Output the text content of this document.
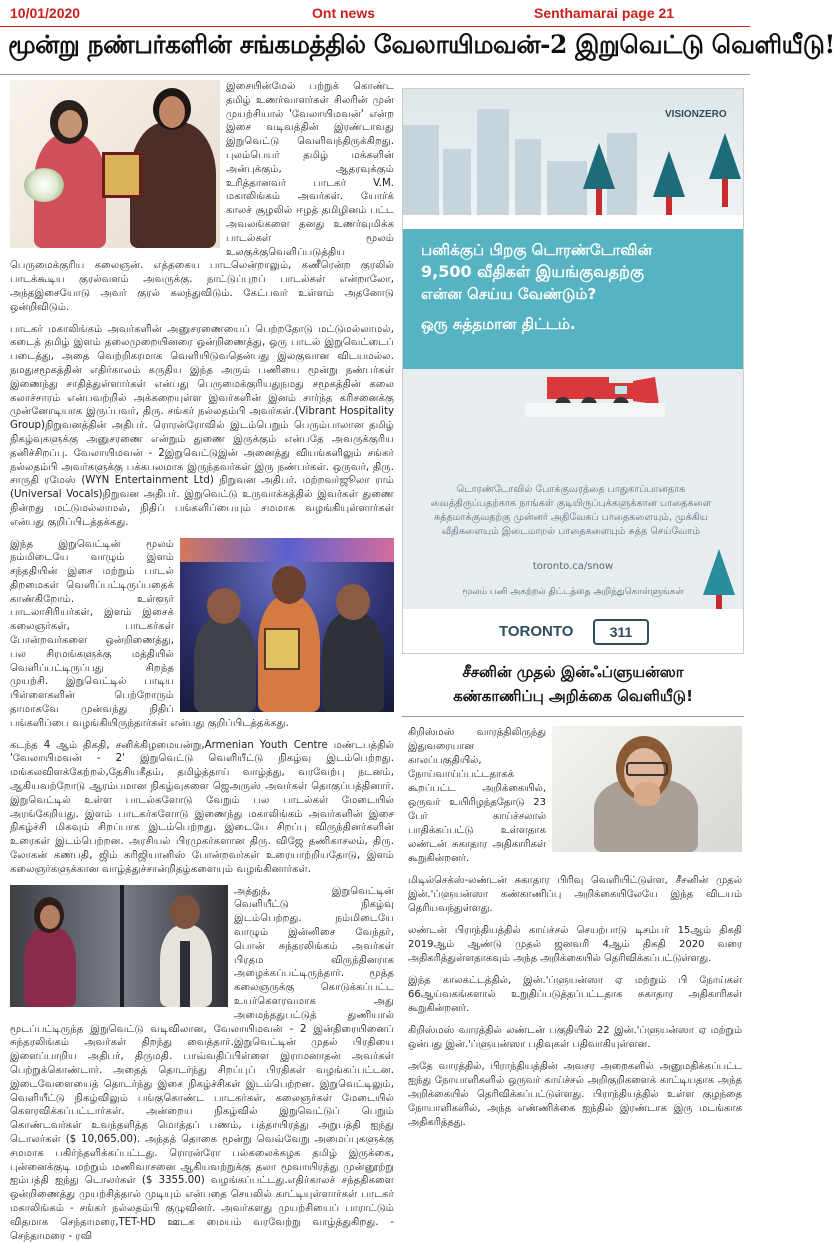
10/01/2020	Ont news	Senthamarai page 21
மூன்று நண்பர்களின் சங்கமத்தில் வேலாயிமவன்-2 இறுவெட்டு வெளியீடு!

இசையின்மேல் பற்றுக் கொண்ட தமிழ் உணர்வாளர்கள் சிலரின் முன் முயற்சியால் 'வேலாயிமவன்' என்ற இசை வடிவத்தின் இரண்டாவது இறுவெட்டு வெளிவந்திருக்கிறது. புலம்பெயர் தமிழ் மக்களின் அன்புக்கும், ஆதரவுக்கும் உரித்தானவர் பாடகர் V.M. மகாலிங்கம் அவர்கள். யோர்க் காலச் சூழலில் ஈழத் தமிழினம் பட்ட அவலங்களை தனது உணர்வுமிக்க பாடல்கள் மூலம் உலகுக்குவெளிப்படுத்திய பெருமைக்குரிய கலைஞன். எத்தகைய பாடலென்றாலும், கணீரென்ற குரலில் பாடக்கூடிய குரல்வளம் அவருக்கு. நாட்டுப்புறப் பாடல்கள் என்றாலோ, அந்தஇசையோடு அவர் குரல் கலந்துவிடும். கேட்பவர் உள்ளம் அதனோடு ஒன்றிவிடும்.

பாடகர் மகாலிங்கம் அவர்களின் அனுசரணையைப் பெற்றதோடு மட்டுமல்லாமல், கடைத் தமிழ் இளம் தலைமுறையினரை ஒன்றிணைத்து, ஒரு பாடல் இறுவெட்டைப் படைத்து, அதை வெற்றிகரமாக வெளியிடுவதென்பது இலகுவான விடயமல்ல. நமதுசமூகத்தின் எதிர்காலம் கருதிய இந்த அரும் பணியை மூன்று நண்பர்கள் இணைந்து சாதித்துள்ளார்கள் என்பது பெருமைக்குரியதுநமது சமூகத்தின் கலை கலாச்சாரம் என்பவற்றில் அக்கறையுள்ள இவர்களின் இனம் சார்ந்த கரிசனைக்கு முன்னோடியாக இருப்பவர், திரு. சங்கர் நல்லதம்பி அவர்கள்.(Vibrant Hospitality Group)நிறுவனத்தின் அதிபர். ரொரன்ரோவில் இடம்பெறும் பெரும்பாலான தமிழ் நிகழ்வுகளுக்கு அனுசரணை என்றும் துணை இருக்கும் என்பதே அவருக்குரிய தனிச்சிறப்பு. வேலாயிமவன் - 2இறுவெட்டுஇன் அனைத்து வியங்களிலும் சங்கர் நல்லதம்பி அவர்களுக்கு பக்கபலமாக இருந்தவர்கள் இரு நண்பர்கள். ஒருவர், திரு. சாருதி ரமேஸ் (WYN Entertainment Ltd) நிறுவன அதிபர். மற்றவர்ஜூலா ராம் (Universal Vocals)நிறுவன அதிபர். இறுவெட்டு உருவாக்கத்தில் இவர்கள் துணை நின்றது மட்டுமல்லாமல், நிதிப் பங்களிப்பையும் சமமாக வழங்கியுள்ளார்கள் என்பது குறிப்பிடத்தக்கது.

இந்த இறுவெட்டின் மூலம் நம்மிடையே வாழும் இளம் சந்ததியின் இசை மற்றும் பாடல் திறமைகள் வெளிப்பட்டிருப்பதைக் காண்கிறோம். உள்ளூர் பாடலாசிரியர்கள், இளம் இசைக் கலைஞர்கள், பாடகர்கள் போன்றவர்களை ஒன்றிணைத்து, பல சிரமங்களுக்கு மத்தியில் வெளிப்பட்டிருப்பது சிறந்த முயற்சி. இறுவெட்டில் பாடிய பிள்ளைகளின் பெற்றோரும் தாமாகவே முன்வந்து நிதிப் பங்களிப்பை வழங்கியிருந்தார்கள் என்பது குறிப்பிடத்தக்கது.

கடந்த 4 ஆம் திகதி, சனிக்கிழமையன்று,Armenian Youth Centre மண்டபத்தில் 'வேலாயிமவன் - 2' இறுவெட்டு வெளியீட்டு நிகழ்வு இடம்பெற்றது. மங்கலவிளக்கேற்றல்,தேசியகீதம், தமிழ்த்தாய் வாழ்த்து, வரவேற்பு நடனம், ஆகியவற்றோடு ஆரம்பமான நிகழ்வுகளை ஜெஅருஸ் அவர்கள் தொகுப்பத்தினார். இறுவெட்டில் உள்ள பாடல்களோடு வேறும் பல பாடல்கள் மேடையில் அரங்கேறியது. இளம் பாடகர்களோடு இணைந்து மகாலிங்கம் அவர்களின் இசை நிகழ்ச்சி மிகவும் சிறப்பாக இடம்பெற்றது. இடையே சிறப்பு விருந்தினர்களின் உரைகள் இடம்பெற்றன. அரசியல் பிரமுகர்களான திரு. விஜே தணிகாசலம், திரு. லோகன் கணபதி, ஜிம் கரிஜியானிஸ் போன்றவர்கள் உரையாற்றியதோடு, இளம் கலைஞர்களுக்கான வாழ்த்துச்சான்றிதழ்களையும் வழங்கினார்கள்.

அத்துத், இறுவெட்டின் வெளியீட்டு நிகழ்வு இடம்பெற்றது. நம்மிடையே வாழும் இன்னிசை வேந்தர், பொன் சுந்தரலிங்கம் அவர்கள் பிரதம விருந்தினராக அழைக்கப்பட்டிருந்தார். மூத்த கலைஞருக்கு கொடுக்கப்பட்ட உயர்கௌரவமாக அது அமைந்ததுபட்டுத் துணியால் மூடப்பட்டிருந்த இறுவெட்டு வடிவிலான, வேலாயிமவன் - 2 இன்திரையினைப் சுந்தரலிங்கம் அவர்கள் திறந்து வைத்தார்.இறுவெட்டின் முதல் பிரதியை இளைப்பாறிய அதிபர், திருமதி. பாவ்வதிப்பிள்ளை இராமனாதன் அவர்கள் பெற்றுக்கொண்டார். அதைத் தொடர்ந்து சிறப்புப் பிரதிகள் வழங்கப்பட்டன. இடைவேளையைத் தொடர்ந்து இசை நிகழ்ச்சிகள் இடம்பெற்றன. இறுவெட்டிலும், வெளியீட்டு நிகழ்விலும் பங்குகொண்ட பாடகர்கள், கலைஞர்கள் மேடையில் கௌரவிக்கப்பட்டார்கள். அன்றைய நிகழ்வில் இறுவெட்டுப் பெறும் கொண்டவர்கள் உவந்தளித்த மொத்தப் பணம், பத்தாயிரத்து அறுபத்தி ஐந்து டொலர்கள் ($ 10,065.00). அந்தத் தொகை மூன்று வெவ்வேறு அமைப்புகளுக்கு சமமாக பகிர்ந்தளிக்கப்பட்டது. ரொரன்ரோ பல்கலைக்கழக தமிழ் இருக்கை, புன்னைக்குடி மற்றும் மணிவாசனை ஆகியவற்றுக்கு தலா மூவாயிரத்து முன்னூற்று ஐம்பத்தி ஐந்து டொலர்கள் ($ 3355.00) வழங்கப்பட்டது.எதிர்காலச் சந்ததிகளை ஒன்றிணைத்து முயற்சித்தால் முடியும் என்பதை செயலில் காட்டியுள்ளார்கள் பாடகர் மகாலிங்கம் - சங்கர் நல்லதம்பி குழுவினர். அவர்களது முயற்சியைப் பாராட்டும் விதமாக செந்தாமரை,TET-HD ஊடக மையம் வரவேற்று வாழ்த்துகிறது. - செந்தாமரை - ரவி

VISIONZERO
பனிக்குப் பிறகு டொரண்டோவின்
9,500 வீதிகள் இயங்குவதற்கு
என்ன செய்ய வேண்டும்?
ஒரு சுத்தமான திட்டம்.
டொரண்டோவில் போக்குவரத்தை பாதுகாப்பானதாக வைத்திருப்பதற்காக நாங்கள் குடியிருப்புக்களுக்கான பாதைகளை சுத்தமாக்குவதற்கு முன்னர் அதிவேகப் பாதைகளையும், முக்கிய வீதிகளையும் இடைமாறல் பாதைகளையும் சுத்த செய்வோம்
toronto.ca/snow
மூலம் பனி அகற்றல் திட்டத்தை அறிந்துகொள்ளுங்கள்
TORONTO	311
சீசனின் முதல் இன்ஃப்ளுயன்ஸா
கண்காணிப்பு அறிக்கை வெளியீடு!

கிறிஸ்மஸ் வாரத்திலிருந்து இதுவரையான காலப்பகுதியில், நோய்வாய்ப்பட்டதாகக் கூறப்பட்ட அறிக்கையில், ஒருவர் உயிரிழந்ததோடு 23 பேர் காய்ச்சலால் பாதிக்கப்பட்டு உள்ளதாக லண்டன் சுகாதார அதிகாரிகள் கூறுகின்றனர்.

மிடில்செக்ஸ்-லண்டன் சுகாதார பிரிவு வெளியிட்டுள்ள, சீசனின் முதல் இன்.'ப்ளுயன்ஸா கண்காணிப்பு அறிக்கையிலேயே இந்த விடயம் தெரியவந்துள்ளது.

லண்டன் பிராந்தியத்தில் காய்ச்சல் செயற்பாடு டிசம்பர் 15ஆம் திகதி 2019ஆம் ஆண்டு முதல் ஜனவரி 4ஆம் திகதி 2020 வரை அதிகரித்துள்ளதாகவும் அந்த அறிக்கையில் தெரிவிக்கப்பட்டுள்ளது.

இந்த காலகட்டத்தில், இன்.'ப்ளுயன்ஸா ஏ மற்றும் பி நோய்கள் 66ஆய்வகங்களால் உறுதிப்படுத்தப்பட்டதாக சுகாதார அதிகாரிகள் கூறுகின்றனர்.

கிறிஸ்மஸ் வாரத்தில் லண்டன் பகுதியில் 22 இன்.'ப்ளுயன்ஸா ஏ மற்றும் ஒன்பது இன்.'ப்ளுயன்ஸா பதிவுகள் பதிவாகியுள்ளன.

அதே வாரத்தில், பிராந்தியத்தின் அவசர அறைகளில் அனுமதிக்கப்பட்ட ஐந்து நோயாளிகளில் ஒருவர் காய்ச்சல் அறிகுறிகளைக் காட்டியதாக அந்த அறிக்கையில் தெரிவிக்கப்பட்டுள்ளது. பிராந்தியத்தில் உள்ள குழந்தை நோயாளிகளில், அந்த எண்ணிக்கை ஐந்தில் இரண்டாக இரு மடங்காக அதிகரித்தது.
